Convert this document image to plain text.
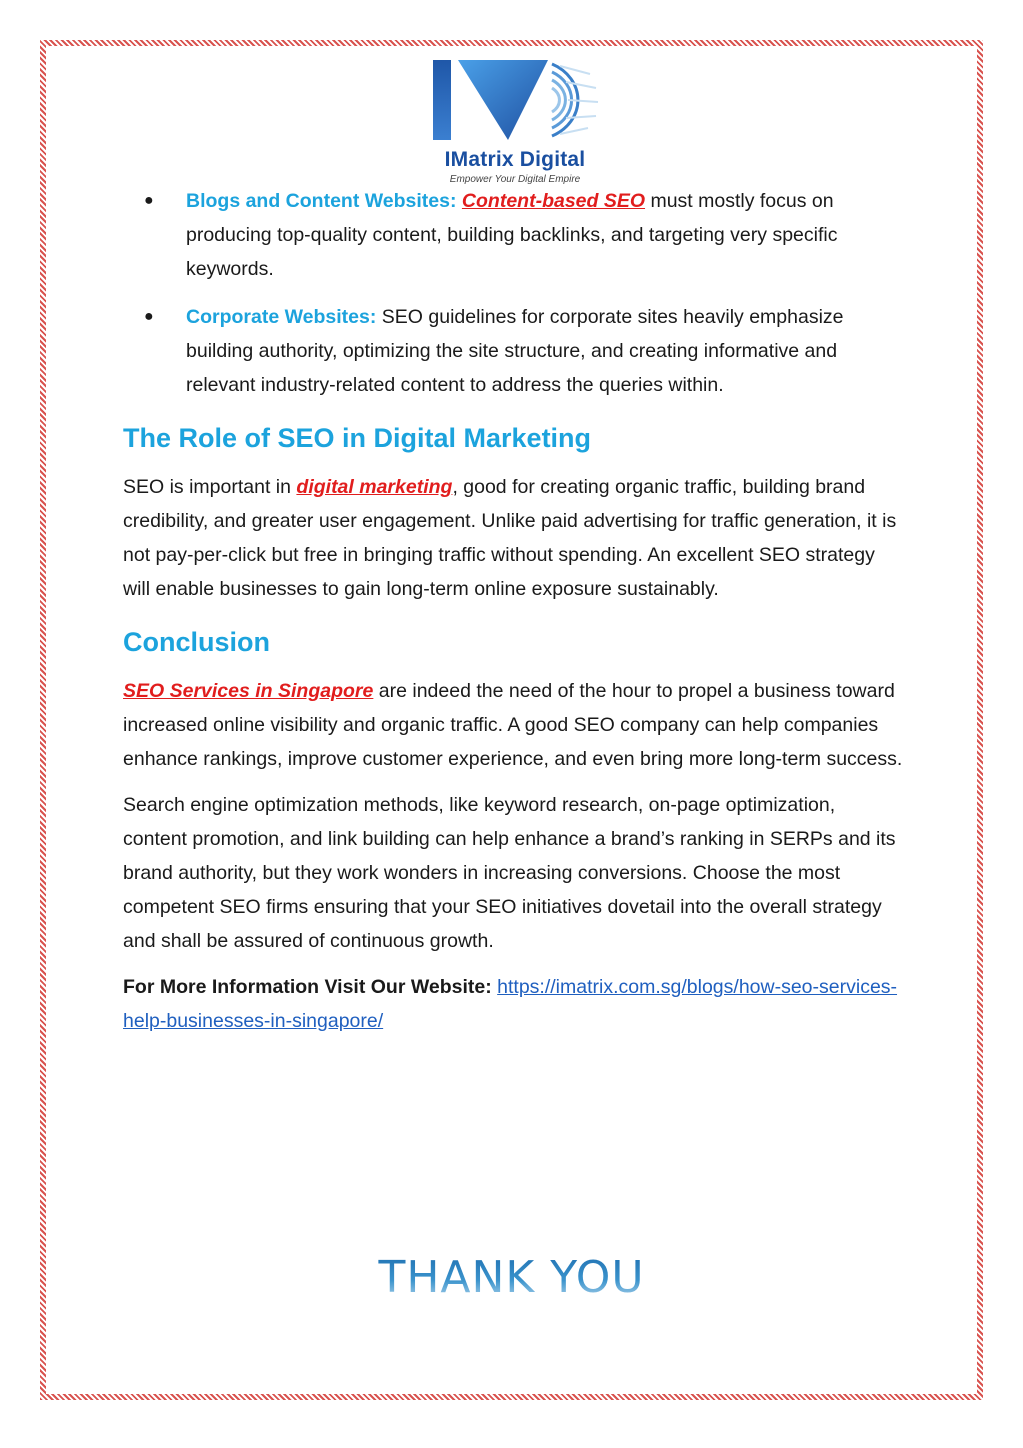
IMatrix Digital
Empower Your Digital Empire
● Blogs and Content Websites: Content-based SEO must mostly focus on producing top-quality content, building backlinks, and targeting very specific keywords.
● Corporate Websites: SEO guidelines for corporate sites heavily emphasize building authority, optimizing the site structure, and creating informative and relevant industry-related content to address the queries within.
The Role of SEO in Digital Marketing

SEO is important in digital marketing, good for creating organic traffic, building brand credibility, and greater user engagement. Unlike paid advertising for traffic generation, it is not pay-per-click but free in bringing traffic without spending. An excellent SEO strategy will enable businesses to gain long-term online exposure sustainably.

Conclusion

SEO Services in Singapore are indeed the need of the hour to propel a business toward increased online visibility and organic traffic. A good SEO company can help companies enhance rankings, improve customer experience, and even bring more long-term success.

Search engine optimization methods, like keyword research, on-page optimization, content promotion, and link building can help enhance a brand’s ranking in SERPs and its brand authority, but they work wonders in increasing conversions. Choose the most competent SEO firms ensuring that your SEO initiatives dovetail into the overall strategy and shall be assured of continuous growth.

For More Information Visit Our Website: https://imatrix.com.sg/blogs/how-seo-services-help-businesses-in-singapore/

THANK YOU
